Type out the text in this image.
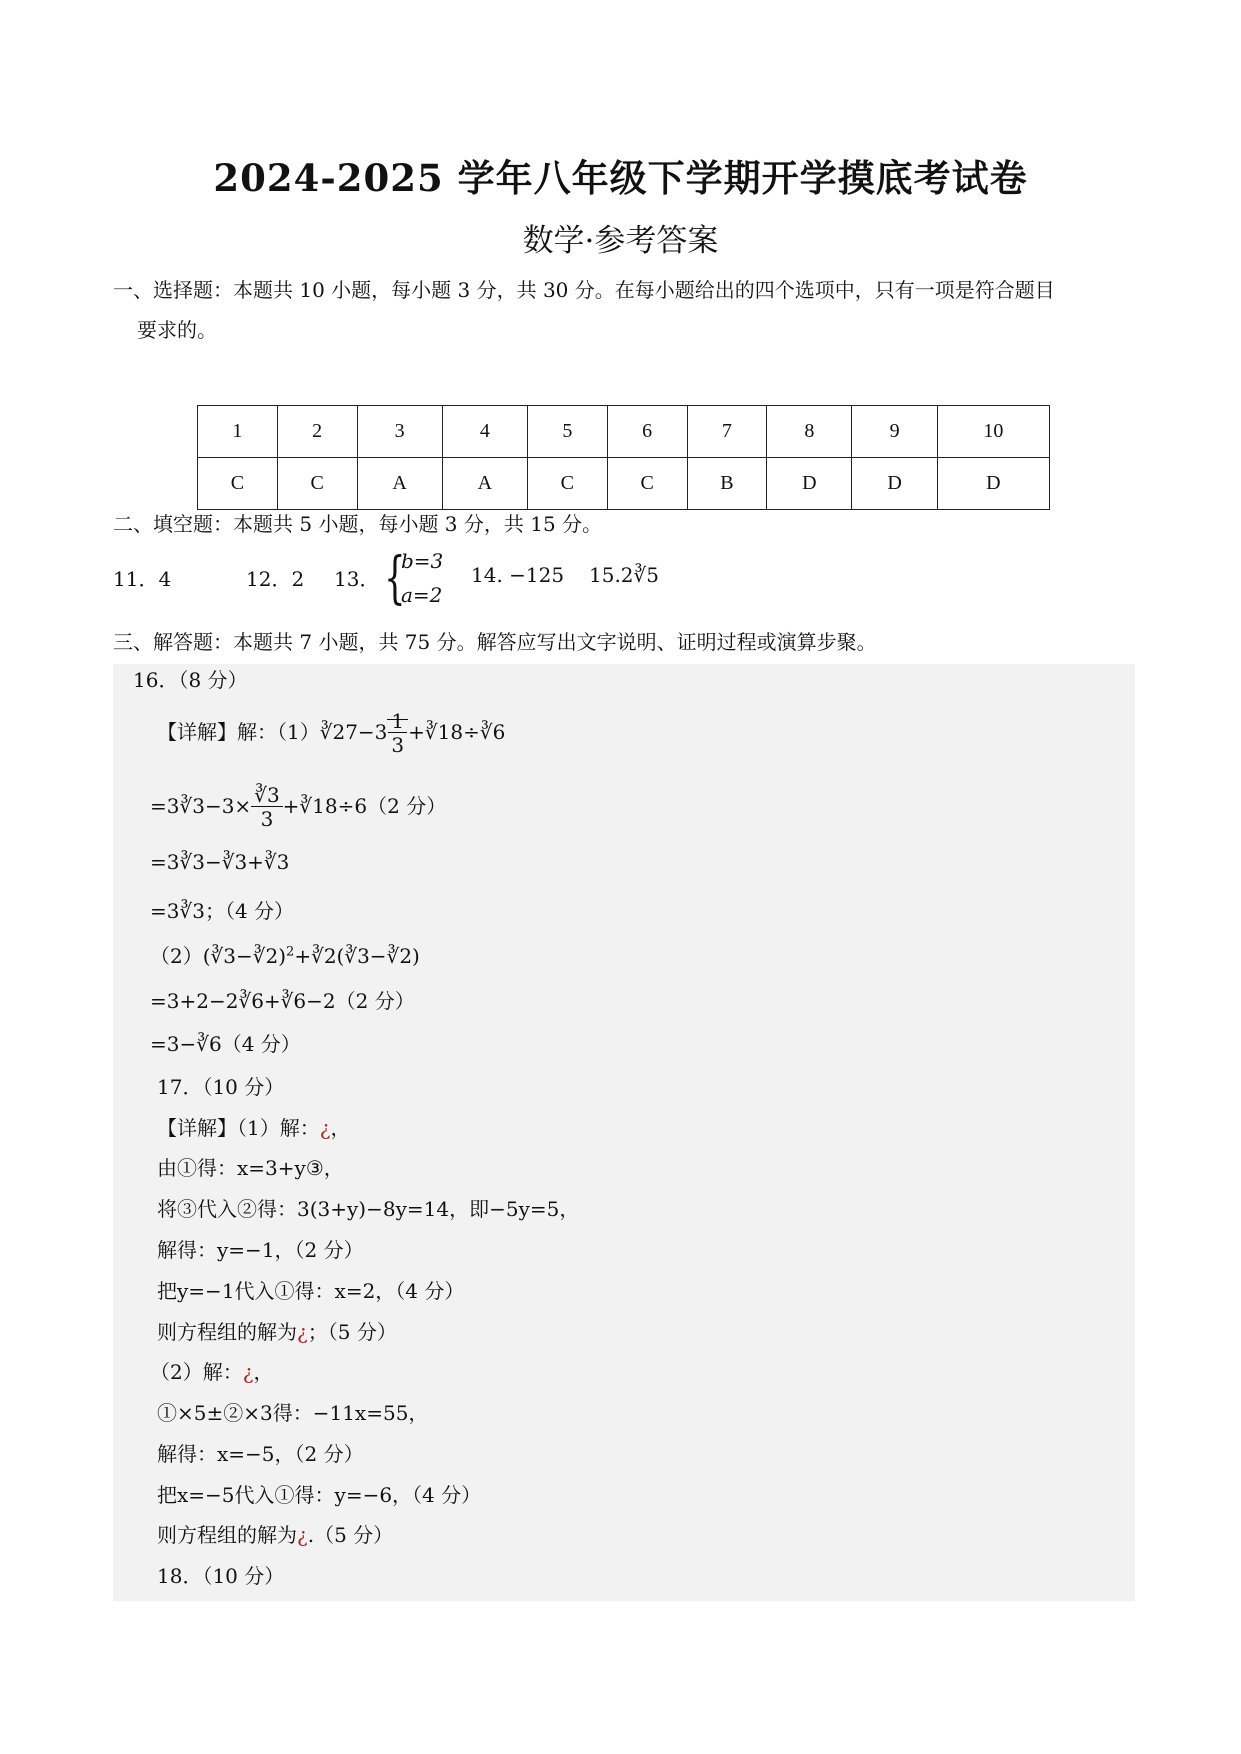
2024-2025 学年八年级下学期开学摸底考试卷
数学·参考答案
一、选择题：本题共 10 小题，每小题 3 分，共 30 分。在每小题给出的四个选项中，只有一项是符合题目
要求的。
1	2	3	4	5	6	7	8	9	10
C	C	A	A	C	C	B	D	D	D
二、填空题：本题共 5 小题，每小题 3 分，共 15 分。
11．4	12．2 13． {
b=3
a=2
14. −125 15.2∛5
三、解答题：本题共 7 小题，共 75 分。解答应写出文字说明、证明过程或演算步聚。
16．（8 分）
【详解】解：（1）∛27−3 $\frac{1}{3}$ +∛18÷∛6
=3∛3−3× $\frac{∛3}{3}$ +∛18÷6（2 分）
=3∛3−∛3+∛3
=3∛3；（4 分）
（2）(∛3−∛2)$^2$+∛2(∛3−∛2)
=3+2−2∛6+∛6−2（2 分）
=3−∛6（4 分）
17．（10 分）
【详解】（1）解：¿，
由①得：x=3+y③，
将③代入②得：3(3+y)−8y=14，即−5y=5，
解得：y=−1，（2 分）
把y=−1代入①得：x=2，（4 分）
则方程组的解为¿；（5 分）
（2）解：¿，
①×5±②×3得：−11x=55，
解得：x=−5，（2 分）
把x=−5代入①得：y=−6，（4 分）
则方程组的解为¿.（5 分）
18．（10 分）
